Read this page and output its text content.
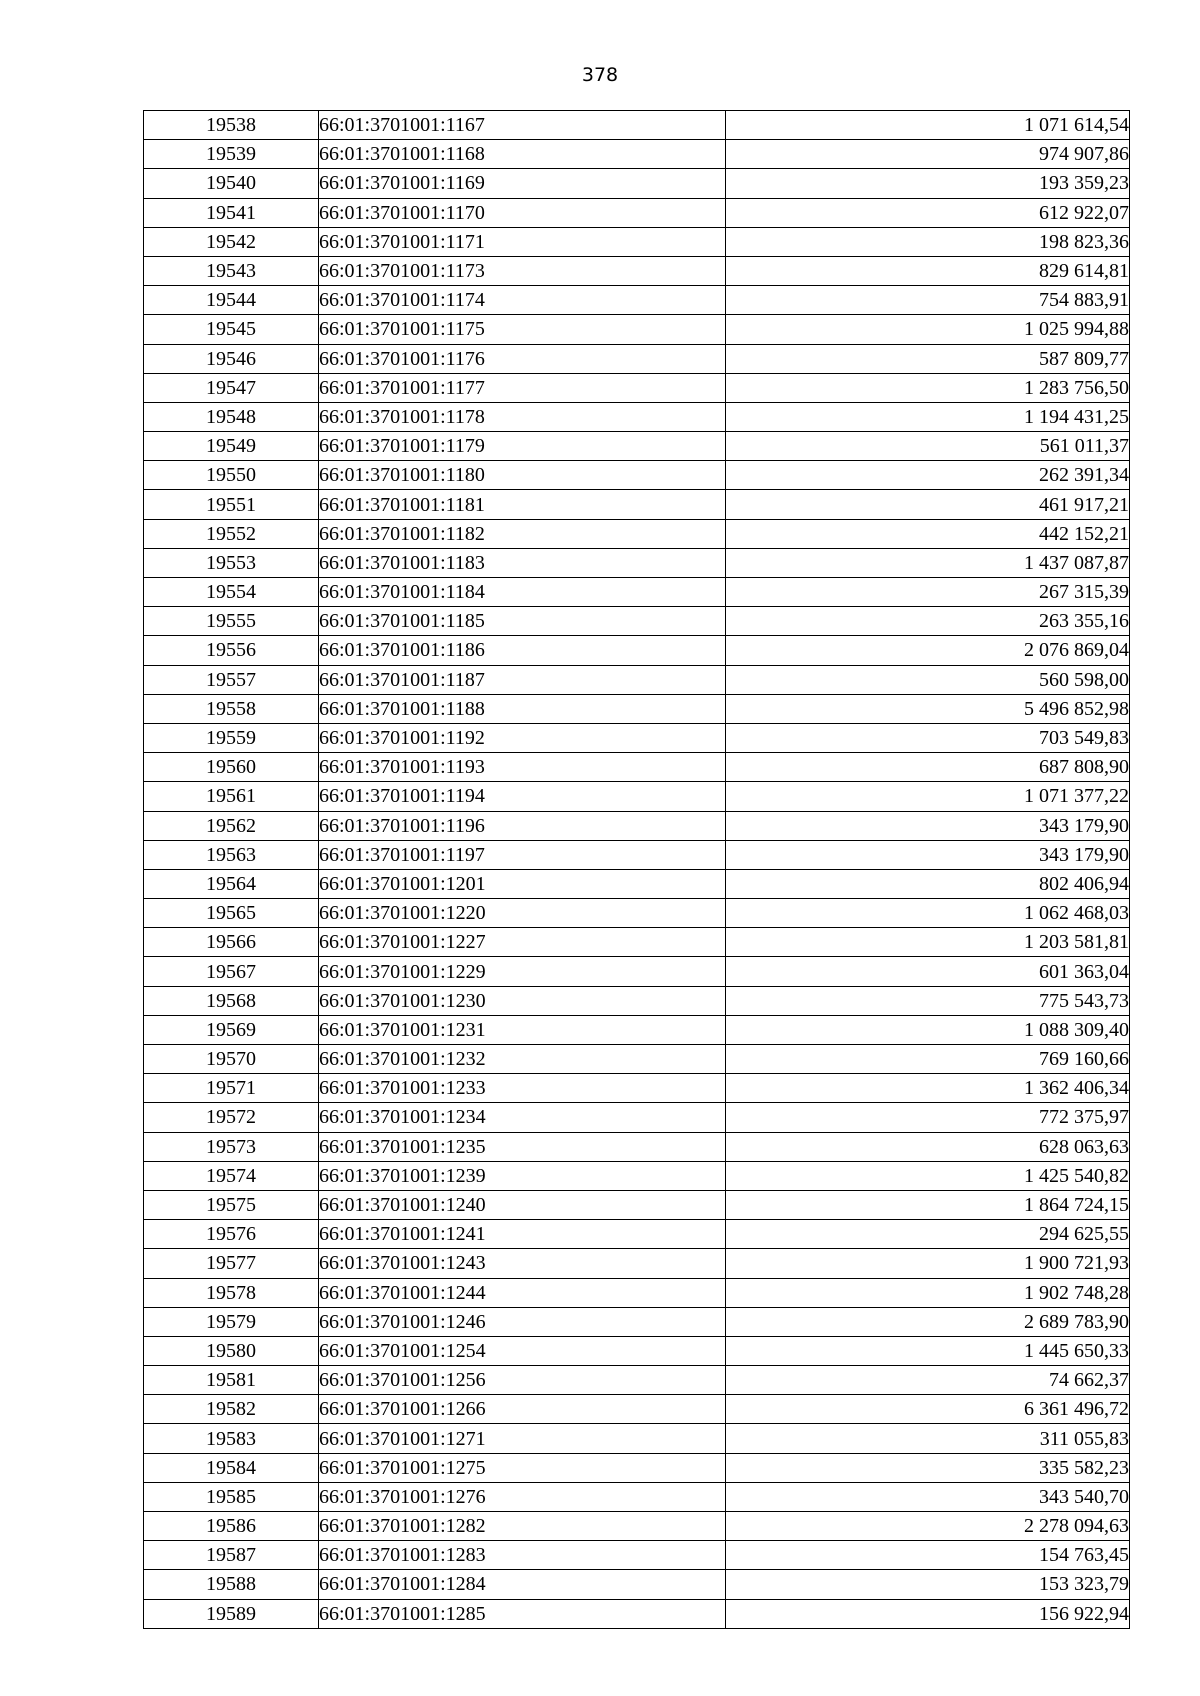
378
19538	66:01:3701001:1167	1 071 614,54
19539	66:01:3701001:1168	974 907,86
19540	66:01:3701001:1169	193 359,23
19541	66:01:3701001:1170	612 922,07
19542	66:01:3701001:1171	198 823,36
19543	66:01:3701001:1173	829 614,81
19544	66:01:3701001:1174	754 883,91
19545	66:01:3701001:1175	1 025 994,88
19546	66:01:3701001:1176	587 809,77
19547	66:01:3701001:1177	1 283 756,50
19548	66:01:3701001:1178	1 194 431,25
19549	66:01:3701001:1179	561 011,37
19550	66:01:3701001:1180	262 391,34
19551	66:01:3701001:1181	461 917,21
19552	66:01:3701001:1182	442 152,21
19553	66:01:3701001:1183	1 437 087,87
19554	66:01:3701001:1184	267 315,39
19555	66:01:3701001:1185	263 355,16
19556	66:01:3701001:1186	2 076 869,04
19557	66:01:3701001:1187	560 598,00
19558	66:01:3701001:1188	5 496 852,98
19559	66:01:3701001:1192	703 549,83
19560	66:01:3701001:1193	687 808,90
19561	66:01:3701001:1194	1 071 377,22
19562	66:01:3701001:1196	343 179,90
19563	66:01:3701001:1197	343 179,90
19564	66:01:3701001:1201	802 406,94
19565	66:01:3701001:1220	1 062 468,03
19566	66:01:3701001:1227	1 203 581,81
19567	66:01:3701001:1229	601 363,04
19568	66:01:3701001:1230	775 543,73
19569	66:01:3701001:1231	1 088 309,40
19570	66:01:3701001:1232	769 160,66
19571	66:01:3701001:1233	1 362 406,34
19572	66:01:3701001:1234	772 375,97
19573	66:01:3701001:1235	628 063,63
19574	66:01:3701001:1239	1 425 540,82
19575	66:01:3701001:1240	1 864 724,15
19576	66:01:3701001:1241	294 625,55
19577	66:01:3701001:1243	1 900 721,93
19578	66:01:3701001:1244	1 902 748,28
19579	66:01:3701001:1246	2 689 783,90
19580	66:01:3701001:1254	1 445 650,33
19581	66:01:3701001:1256	74 662,37
19582	66:01:3701001:1266	6 361 496,72
19583	66:01:3701001:1271	311 055,83
19584	66:01:3701001:1275	335 582,23
19585	66:01:3701001:1276	343 540,70
19586	66:01:3701001:1282	2 278 094,63
19587	66:01:3701001:1283	154 763,45
19588	66:01:3701001:1284	153 323,79
19589	66:01:3701001:1285	156 922,94
